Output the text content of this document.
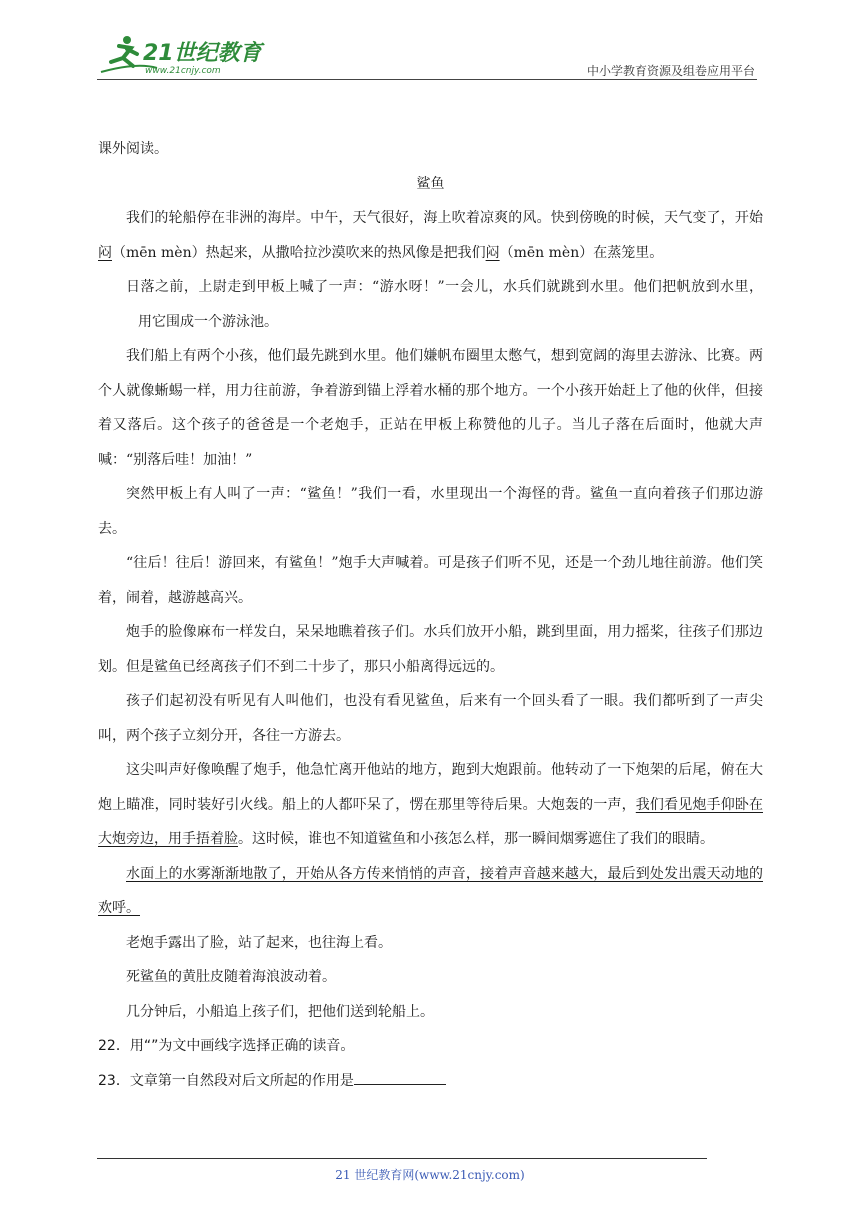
21世纪教育
www.21cnjy.com	中小学教育资源及组卷应用平台

课外阅读。

鲨鱼

我们的轮船停在非洲的海岸。中午，天气很好，海上吹着凉爽的风。快到傍晚的时候，天气变了，开始闷（mēn mèn）热起来，从撒哈拉沙漠吹来的热风像是把我们闷（mēn mèn）在蒸笼里。

日落之前，上尉走到甲板上喊了一声：“游水呀！”一会儿，水兵们就跳到水里。他们把帆放到水里，用它围成一个游泳池。

我们船上有两个小孩，他们最先跳到水里。他们嫌帆布圈里太憋气，想到宽阔的海里去游泳、比赛。两个人就像蜥蜴一样，用力往前游，争着游到锚上浮着水桶的那个地方。一个小孩开始赶上了他的伙伴，但接着又落后。这个孩子的爸爸是一个老炮手，正站在甲板上称赞他的儿子。当儿子落在后面时，他就大声喊：“别落后哇！加油！”

突然甲板上有人叫了一声：“鲨鱼！”我们一看，水里现出一个海怪的背。鲨鱼一直向着孩子们那边游去。

“往后！往后！游回来，有鲨鱼！”炮手大声喊着。可是孩子们听不见，还是一个劲儿地往前游。他们笑着，闹着，越游越高兴。

炮手的脸像麻布一样发白，呆呆地瞧着孩子们。水兵们放开小船，跳到里面，用力摇桨，往孩子们那边划。但是鲨鱼已经离孩子们不到二十步了，那只小船离得远远的。

孩子们起初没有听见有人叫他们，也没有看见鲨鱼，后来有一个回头看了一眼。我们都听到了一声尖叫，两个孩子立刻分开，各往一方游去。

这尖叫声好像唤醒了炮手，他急忙离开他站的地方，跑到大炮跟前。他转动了一下炮架的后尾，俯在大炮上瞄准，同时装好引火线。船上的人都吓呆了，愣在那里等待后果。大炮轰的一声，我们看见炮手仰卧在大炮旁边，用手捂着脸。这时候，谁也不知道鲨鱼和小孩怎么样，那一瞬间烟雾遮住了我们的眼睛。

水面上的水雾渐渐地散了，开始从各方传来悄悄的声音，接着声音越来越大，最后到处发出震天动地的欢呼。

老炮手露出了脸，站了起来，也往海上看。

死鲨鱼的黄肚皮随着海浪波动着。

几分钟后，小船追上孩子们，把他们送到轮船上。

22．用“”为文中画线字选择正确的读音。

23．文章第一自然段对后文所起的作用是

21 世纪教育网(www.21cnjy.com)
